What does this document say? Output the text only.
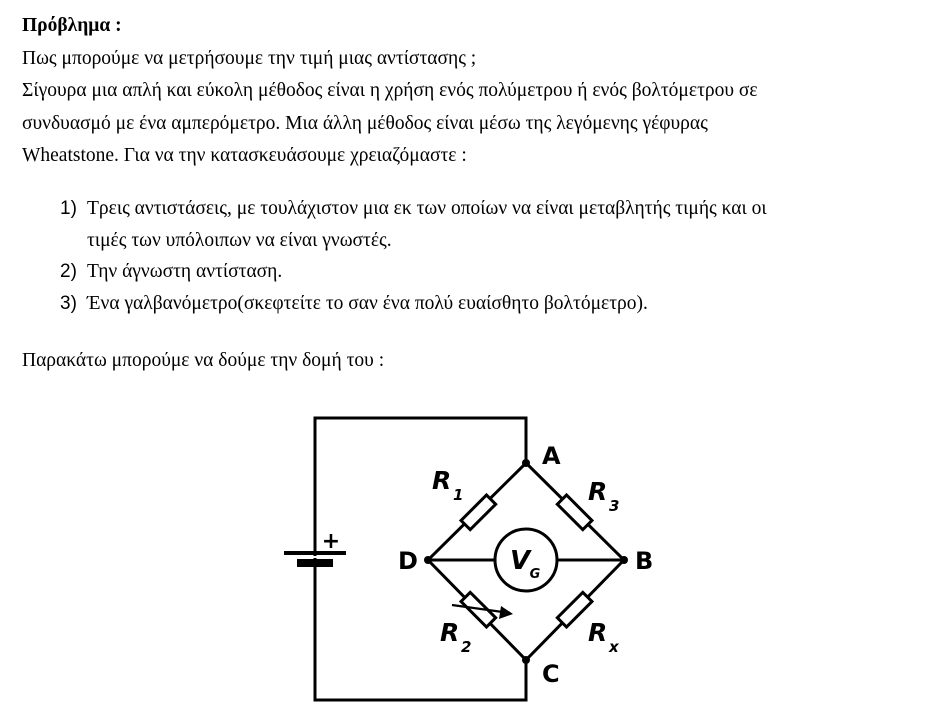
Πρόβλημα :
Πως μπορούμε να μετρήσουμε την τιμή μιας αντίστασης ;
Σίγουρα μια απλή και εύκολη μέθοδος είναι η χρήση ενός πολύμετρου ή ενός βολτόμετρου σε
συνδυασμό με ένα αμπερόμετρο. Μια άλλη μέθοδος είναι μέσω της λεγόμενης γέφυρας
Wheatstone. Για να την κατασκευάσουμε χρειαζόμαστε :
1) Τρεις αντιστάσεις, με τουλάχιστον μια εκ των οποίων να είναι μεταβλητής τιμής και οι
τιμές των υπόλοιπων να είναι γνωστές.
2) Την άγνωστη αντίσταση.
3) Ένα γαλβανόμετρο(σκεφτείτε το σαν ένα πολύ ευαίσθητο βολτόμετρο).
Παρακάτω μπορούμε να δούμε την δομή του :
+
V G
A
B
C
D
R 1	R 3
R 2	R x
